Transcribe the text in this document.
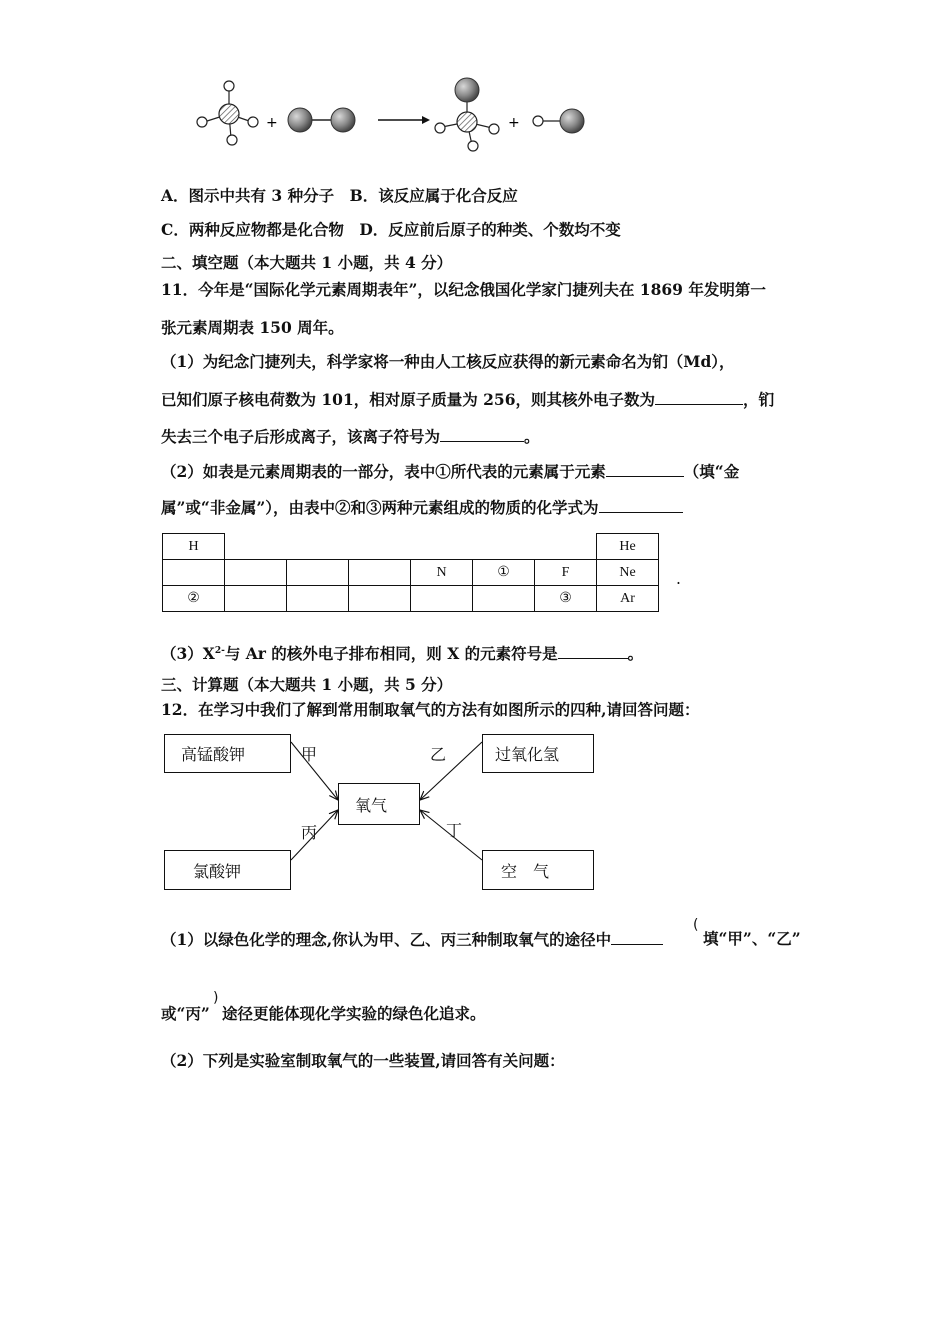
+	+
A．图示中共有 3 种分子　B．该反应属于化合反应
C．两种反应物都是化合物　D．反应前后原子的种类、个数均不变
二、填空题（本大题共 1 小题，共 4 分）
11．今年是“国际化学元素周期表年”，以纪念俄国化学家门捷列夫在 1869 年发明第一
张元素周期表 150 周年。
（1）为纪念门捷列夫，科学家将一种由人工核反应获得的新元素命名为钔（Md），
已知们原子核电荷数为 101，相对原子质量为 256，则其核外电子数为	，钔
失去三个电子后形成离子，该离子符号为	。
（2）如表是元素周期表的一部分，表中①所代表的元素属于元素	（填“金
属”或“非金属”），由表中②和③两种元素组成的物质的化学式为
H							He
				N	①	F	Ne
②						③	Ar
.
$(3)X^{2-}$与 Ar 的核外电子排布相同，则 X 的元素符号是	。
三、计算题（本大题共 1 小题，共 5 分）
12．在学习中我们了解到常用制取氧气的方法有如图所示的四种,请回答问题：
高锰酸钾	过氧化氢
氧气
氯酸钾	空　气
甲	乙
丙	丁
（1）以绿色化学的理念,你认为甲、乙、丙三种制取氧气的途径中
(
填“甲”、“乙”
或“丙”
)
途径更能体现化学实验的绿色化追求。
（2）下列是实验室制取氧气的一些装置,请回答有关问题：
